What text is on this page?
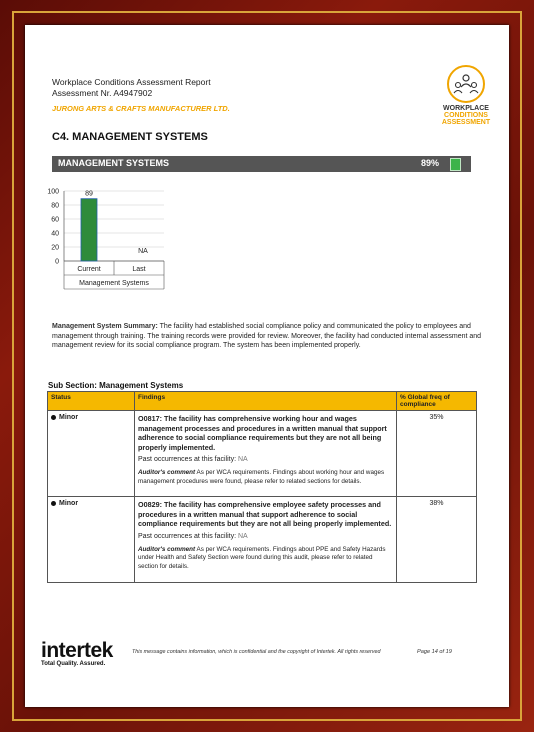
Workplace Conditions Assessment Report
Assessment Nr. A4947902
JURONG ARTS & CRAFTS MANUFACTURER LTD.	WORKPLACE
CONDITIONS
ASSESSMENT
C4. MANAGEMENT SYSTEMS
MANAGEMENT SYSTEMS	89%
100
80
60
40
20
0
89
Current
NA
Last
Management Systems
Management System Summary: The facility had established social compliance policy and communicated the policy to employees and management through training. The training records were provided for review. Moreover, the facility had conducted internal assessment and management review for its social compliance program. The system has been implemented properly.
Sub Section: Management Systems
Status	Findings	% Global freq of compliance
Minor	O0817: The facility has comprehensive working hour and wages management processes and procedures in a written manual that support adherence to social compliance requirements but they are not all being properly implemented.
Past occurrences at this facility: NA
Auditor's comment As per WCA requirements. Findings about working hour and wages management procedures were found, please refer to related sections for details.	35%
Minor	O0829: The facility has comprehensive employee safety processes and procedures in a written manual that support adherence to social compliance requirements but they are not all being properly implemented.
Past occurrences at this facility: NA
Auditor's comment As per WCA requirements. Findings about PPE and Safety Hazards under Health and Safety Section were found during this audit, please refer to related section for details.	38%
intertek
Total Quality. Assured.
This message contains information, which is confidential and the copyright of Intertek. All rights reserved	Page 14 of 19
